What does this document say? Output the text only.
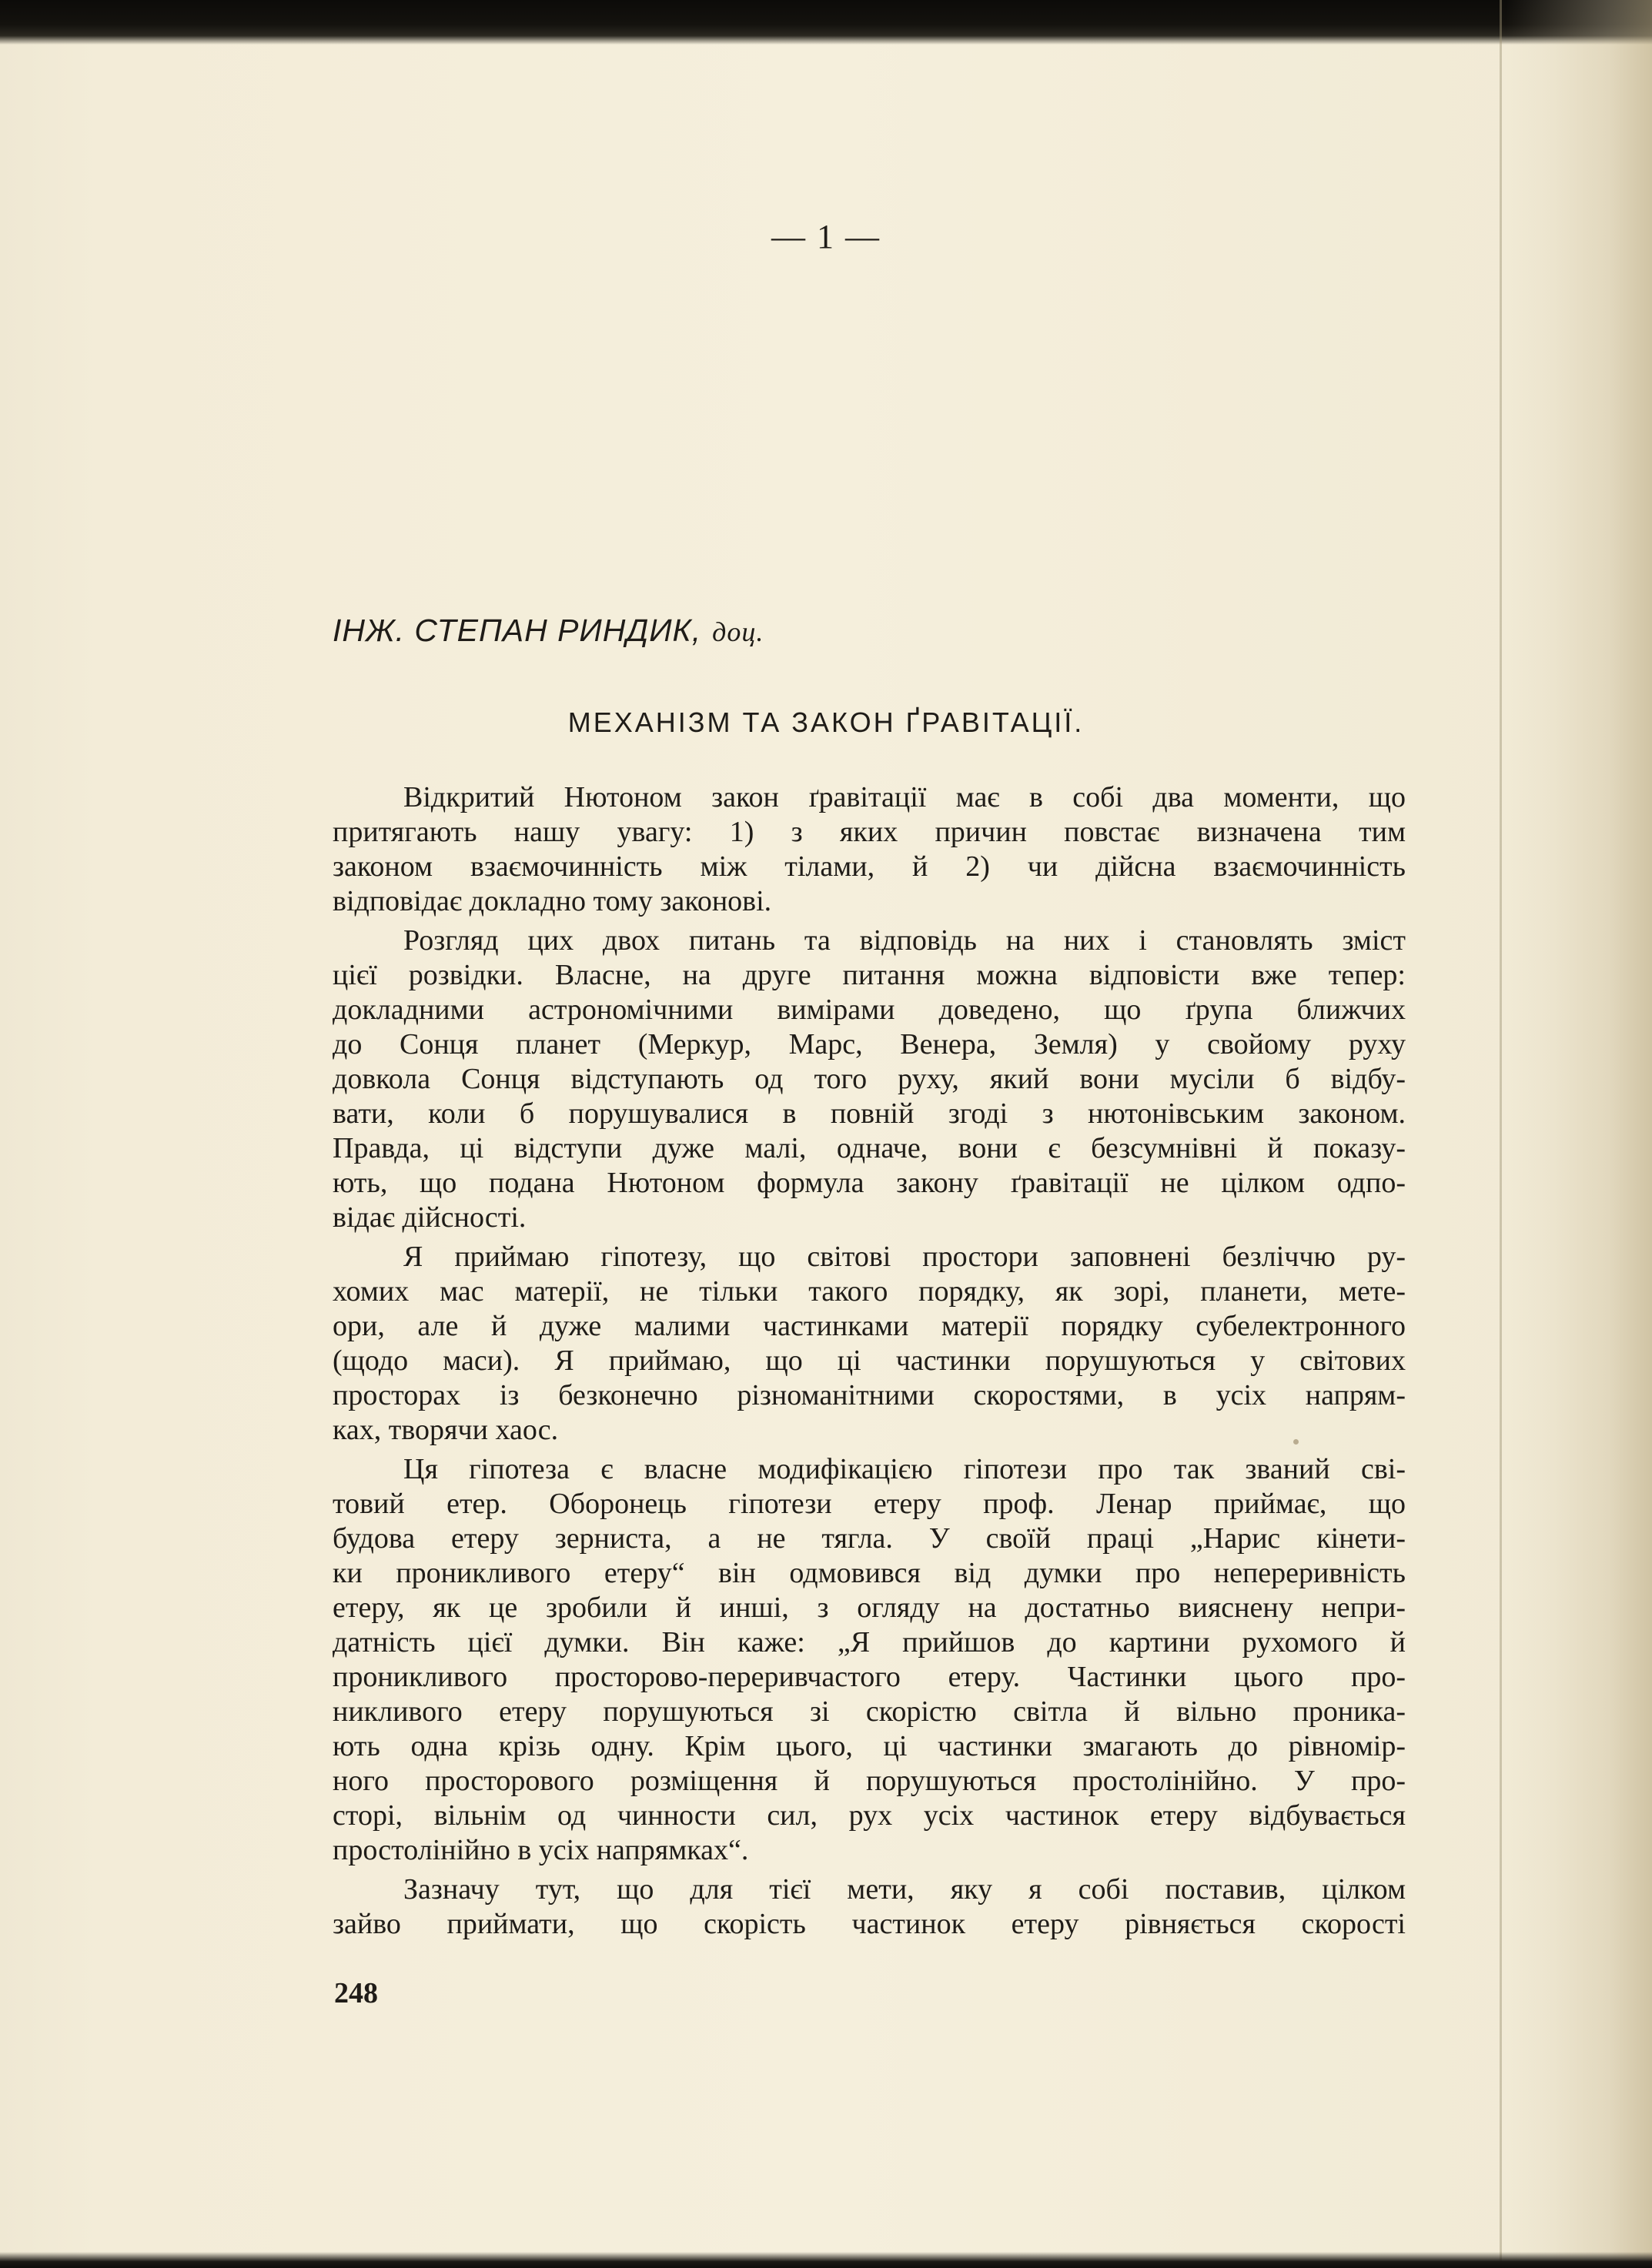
— 1 —
ІНЖ. СТЕПАН РИНДИК, доц.
МЕХАНІЗМ ТА ЗАКОН ҐРАВІТАЦІЇ.
Відкритий Нютоном закон ґравітації має в собі два моменти, що
притягають нашу увагу: 1) з яких причин повстає визначена тим
законом взаємочинність між тілами, й 2) чи дійсна взаємочинність
відповідає докладно тому законові.
Розгляд цих двох питань та відповідь на них і становлять зміст
цієї розвідки. Власне, на друге питання можна відповісти вже тепер:
докладними астрономічними вимірами доведено, що ґрупа ближчих
до Сонця планет (Меркур, Марс, Венера, Земля) у свойому руху
довкола Сонця відступають од того руху, який вони мусіли б відбу-
вати, коли б порушувалися в повній згоді з нютонівським законом.
Правда, ці відступи дуже малі, одначе, вони є безсумнівні й показу-
ють, що подана Нютоном формула закону ґравітації не цілком одпо-
відає дійсності.
Я приймаю гіпотезу, що світові простори заповнені безліччю ру-
хомих мас матерії, не тільки такого порядку, як зорі, планети, мете-
ори, але й дуже малими частинками матерії порядку субелектронного
(щодо маси). Я приймаю, що ці частинки порушуються у світових
просторах із безконечно різноманітними скоростями, в усіх напрям-
ках, творячи хаос.
Ця гіпотеза є власне модифікацією гіпотези про так званий сві-
товий етер. Оборонець гіпотези етеру проф. Ленар приймає, що
будова етеру зерниста, а не тягла. У своїй праці „Нарис кінети-
ки проникливого етеру“ він одмовився від думки про непереривність
етеру, як це зробили й инші, з огляду на достатньо вияснену непри-
датність цієї думки. Він каже: „Я прийшов до картини рухомого й
проникливого просторово-переривчастого етеру. Частинки цього про-
никливого етеру порушуються зі скорістю світла й вільно проника-
ють одна крізь одну. Крім цього, ці частинки змагають до рівномір-
ного просторового розміщення й порушуються простолінійно. У про-
сторі, вільнім од чинности сил, рух усіх частинок етеру відбувається
простолінійно в усіх напрямках“.
Зазначу тут, що для тієї мети, яку я собі поставив, цілком
зайво приймати, що скорість частинок етеру рівняється скорості
248
